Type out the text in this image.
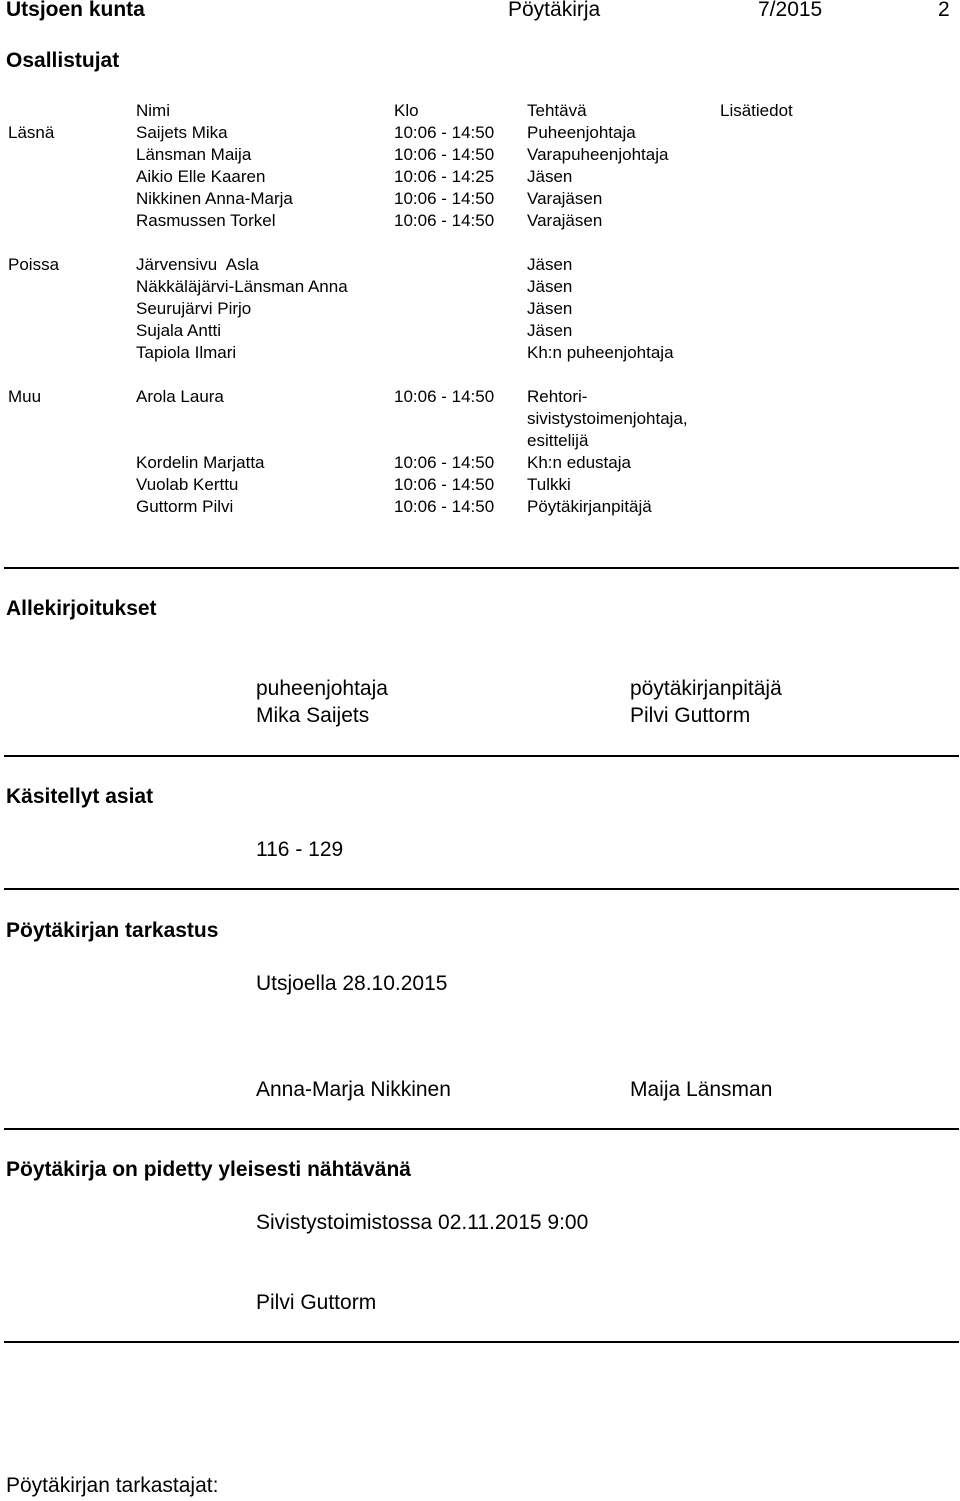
Utsjoen kunta	Pöytäkirja	7/2015	2
Osallistujat
Nimi	Klo	Tehtävä	Lisätiedot
Läsnä	Saijets Mika	10:06 - 14:50 Puheenjohtaja
Länsman Maija	10:06 - 14:50 Varapuheenjohtaja
Aikio Elle Kaaren	10:06 - 14:25 Jäsen
Nikkinen Anna-Marja	10:06 - 14:50 Varajäsen
Rasmussen Torkel	10:06 - 14:50 Varajäsen
Poissa	Järvensivu  Asla	Jäsen
Näkkäläjärvi-Länsman Anna	Jäsen
Seurujärvi Pirjo	Jäsen
Sujala Antti	Jäsen
Tapiola Ilmari	Kh:n puheenjohtaja
Muu	Arola Laura	10:06 - 14:50 Rehtori-
sivistystoimenjohtaja,
esittelijä
Kordelin Marjatta	10:06 - 14:50 Kh:n edustaja
Vuolab Kerttu	10:06 - 14:50 Tulkki
Guttorm Pilvi	10:06 - 14:50 Pöytäkirjanpitäjä
Allekirjoitukset
puheenjohtaja
Mika Saijets
pöytäkirjanpitäjä
Pilvi Guttorm
Käsitellyt asiat
116 - 129
Pöytäkirjan tarkastus
Utsjoella 28.10.2015
Anna-Marja Nikkinen	Maija Länsman
Pöytäkirja on pidetty yleisesti nähtävänä
Sivistystoimistossa 02.11.2015 9:00
Pilvi Guttorm
Pöytäkirjan tarkastajat:
